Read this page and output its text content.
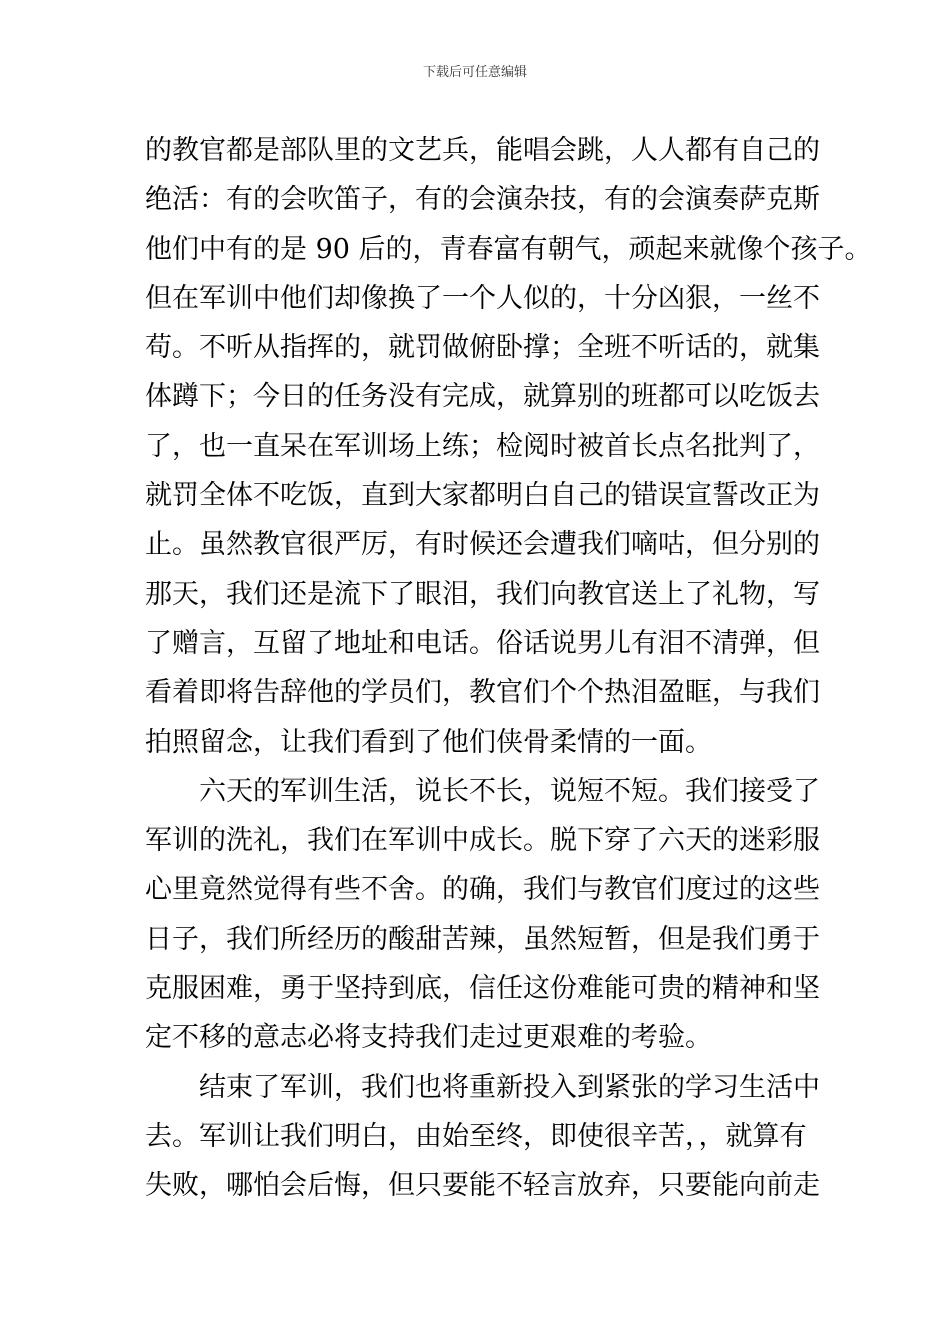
下载后可任意编辑
的教官都是部队里的文艺兵，能唱会跳，人人都有自己的
绝活：有的会吹笛子，有的会演杂技，有的会演奏萨克斯
他们中有的是 90 后的，青春富有朝气，顽起来就像个孩子。
但在军训中他们却像换了一个人似的，十分凶狠，一丝不
苟。不听从指挥的，就罚做俯卧撑；全班不听话的，就集
体蹲下；今日的任务没有完成，就算别的班都可以吃饭去
了，也一直呆在军训场上练；检阅时被首长点名批判了，
就罚全体不吃饭，直到大家都明白自己的错误宣誓改正为
止。虽然教官很严厉，有时候还会遭我们嘀咕，但分别的
那天，我们还是流下了眼泪，我们向教官送上了礼物，写
了赠言，互留了地址和电话。俗话说男儿有泪不清弹，但
看着即将告辞他的学员们，教官们个个热泪盈眶，与我们
拍照留念，让我们看到了他们侠骨柔情的一面。
　　六天的军训生活，说长不长，说短不短。我们接受了
军训的洗礼，我们在军训中成长。脱下穿了六天的迷彩服
心里竟然觉得有些不舍。的确，我们与教官们度过的这些
日子，我们所经历的酸甜苦辣，虽然短暂，但是我们勇于
克服困难，勇于坚持到底，信任这份难能可贵的精神和坚
定不移的意志必将支持我们走过更艰难的考验。
　　结束了军训，我们也将重新投入到紧张的学习生活中
去。军训让我们明白，由始至终，即使很辛苦，，就算有
失败，哪怕会后悔，但只要能不轻言放弃，只要能向前走
